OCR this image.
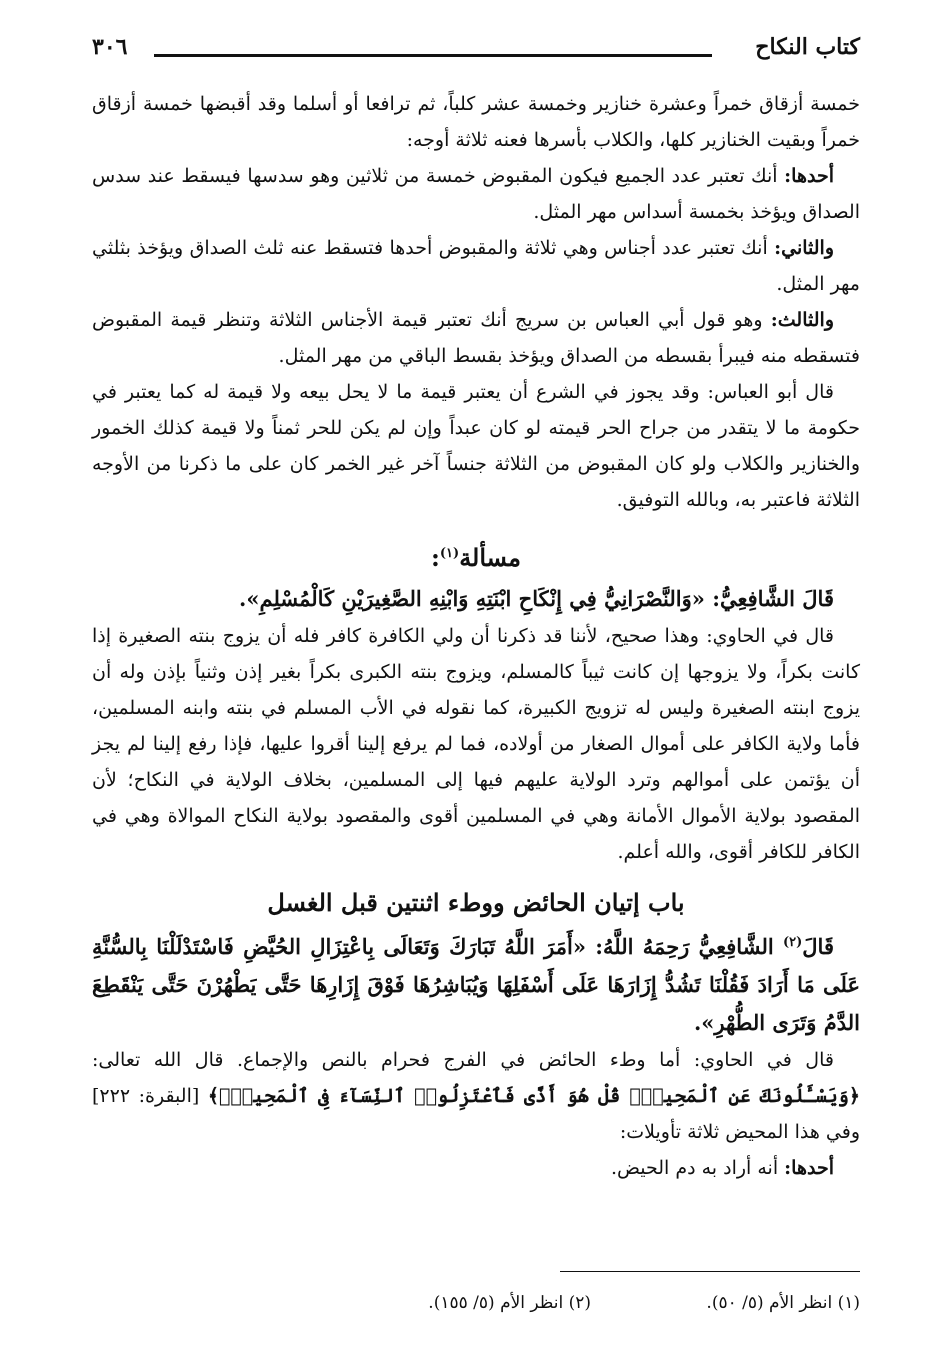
كتاب النكاح
٣٠٦

خمسة أزقاق خمراً وعشرة خنازير وخمسة عشر كلباً، ثم ترافعا أو أسلما وقد أقبضها خمسة أزقاق خمراً وبقيت الخنازير كلها، والكلاب بأسرها فعنه ثلاثة أوجه:

أحدها: أنك تعتبر عدد الجميع فيكون المقبوض خمسة من ثلاثين وهو سدسها فيسقط عند سدس الصداق ويؤخذ بخمسة أسداس مهر المثل.

والثاني: أنك تعتبر عدد أجناس وهي ثلاثة والمقبوض أحدها فتسقط عنه ثلث الصداق ويؤخذ بثلثي مهر المثل.

والثالث: وهو قول أبي العباس بن سريج أنك تعتبر قيمة الأجناس الثلاثة وتنظر قيمة المقبوض فتسقطه منه فيبرأ بقسطه من الصداق ويؤخذ بقسط الباقي من مهر المثل.

قال أبو العباس: وقد يجوز في الشرع أن يعتبر قيمة ما لا يحل بيعه ولا قيمة له كما يعتبر في حكومة ما لا يتقدر من جراح الحر قيمته لو كان عبداً وإن لم يكن للحر ثمناً ولا قيمة كذلك الخمور والخنازير والكلاب ولو كان المقبوض من الثلاثة جنساً آخر غير الخمر كان على ما ذكرنا من الأوجه الثلاثة فاعتبر به، وبالله التوفيق.

مسألة$^{(١)}$:

قَالَ الشَّافِعِيُّ: «وَالنَّصْرَانِيُّ فِي إِنْكَاحِ ابْنَتِهِ وَابْنِهِ الصَّغِيرَيْنِ كَالْمُسْلِمِ».

قال في الحاوي: وهذا صحيح، لأننا قد ذكرنا أن ولي الكافرة كافر فله أن يزوج بنته الصغيرة إذا كانت بكراً، ولا يزوجها إن كانت ثيباً كالمسلم، ويزوج بنته الكبرى بكراً بغير إذن وثنياً بإذن وله أن يزوج ابنته الصغيرة وليس له تزويج الكبيرة، كما نقوله في الأب المسلم في بنته وابنه المسلمين، فأما ولاية الكافر على أموال الصغار من أولاده، فما لم يرفع إلينا أقروا عليها، فإذا رفع إلينا لم يجز أن يؤتمن على أموالهم وترد الولاية عليهم فيها إلى المسلمين، بخلاف الولاية في النكاح؛ لأن المقصود بولاية الأموال الأمانة وهي في المسلمين أقوى والمقصود بولاية النكاح الموالاة وهي في الكافر للكافر أقوى، والله أعلم.

باب إتيان الحائض ووطء اثنتين قبل الغسل

قَالَ$^{(٢)}$ الشَّافِعِيُّ رَحِمَهُ اللَّهُ: «أَمَرَ اللَّهُ تَبَارَكَ وَتَعَالَى بِاعْتِزَالِ الحُيَّضِ فَاسْتَدْلَلْنَا بِالسُّنَّةِ عَلَى مَا أَرَادَ فَقُلْنَا تَشُدُّ إِزَارَهَا عَلَى أَسْفَلِهَا وَيُبَاشِرُهَا فَوْقَ إِزَارِهَا حَتَّى يَطْهُرْنَ حَتَّى يَنْقَطِعَ الدَّمُ وَتَرَى الطُّهْرِ».

قال في الحاوي: أما وطء الحائض في الفرج فحرام بالنص والإجماع. قال الله تعالى: ﴿وَيَسْـَٔلُونَكَ عَنِ ٱلْمَحِيضِۖ قُلْ هُوَ أَذًى فَٱعْتَزِلُوا۟ ٱلنِّسَآءَ فِى ٱلْمَحِيضِۖ﴾ [البقرة: ٢٢٢] وفي هذا المحيض ثلاثة تأويلات:

أحدها: أنه أراد به دم الحيض.

(١) انظر الأم (٥/ ٥٠). (٢) انظر الأم (٥/ ١٥٥).
